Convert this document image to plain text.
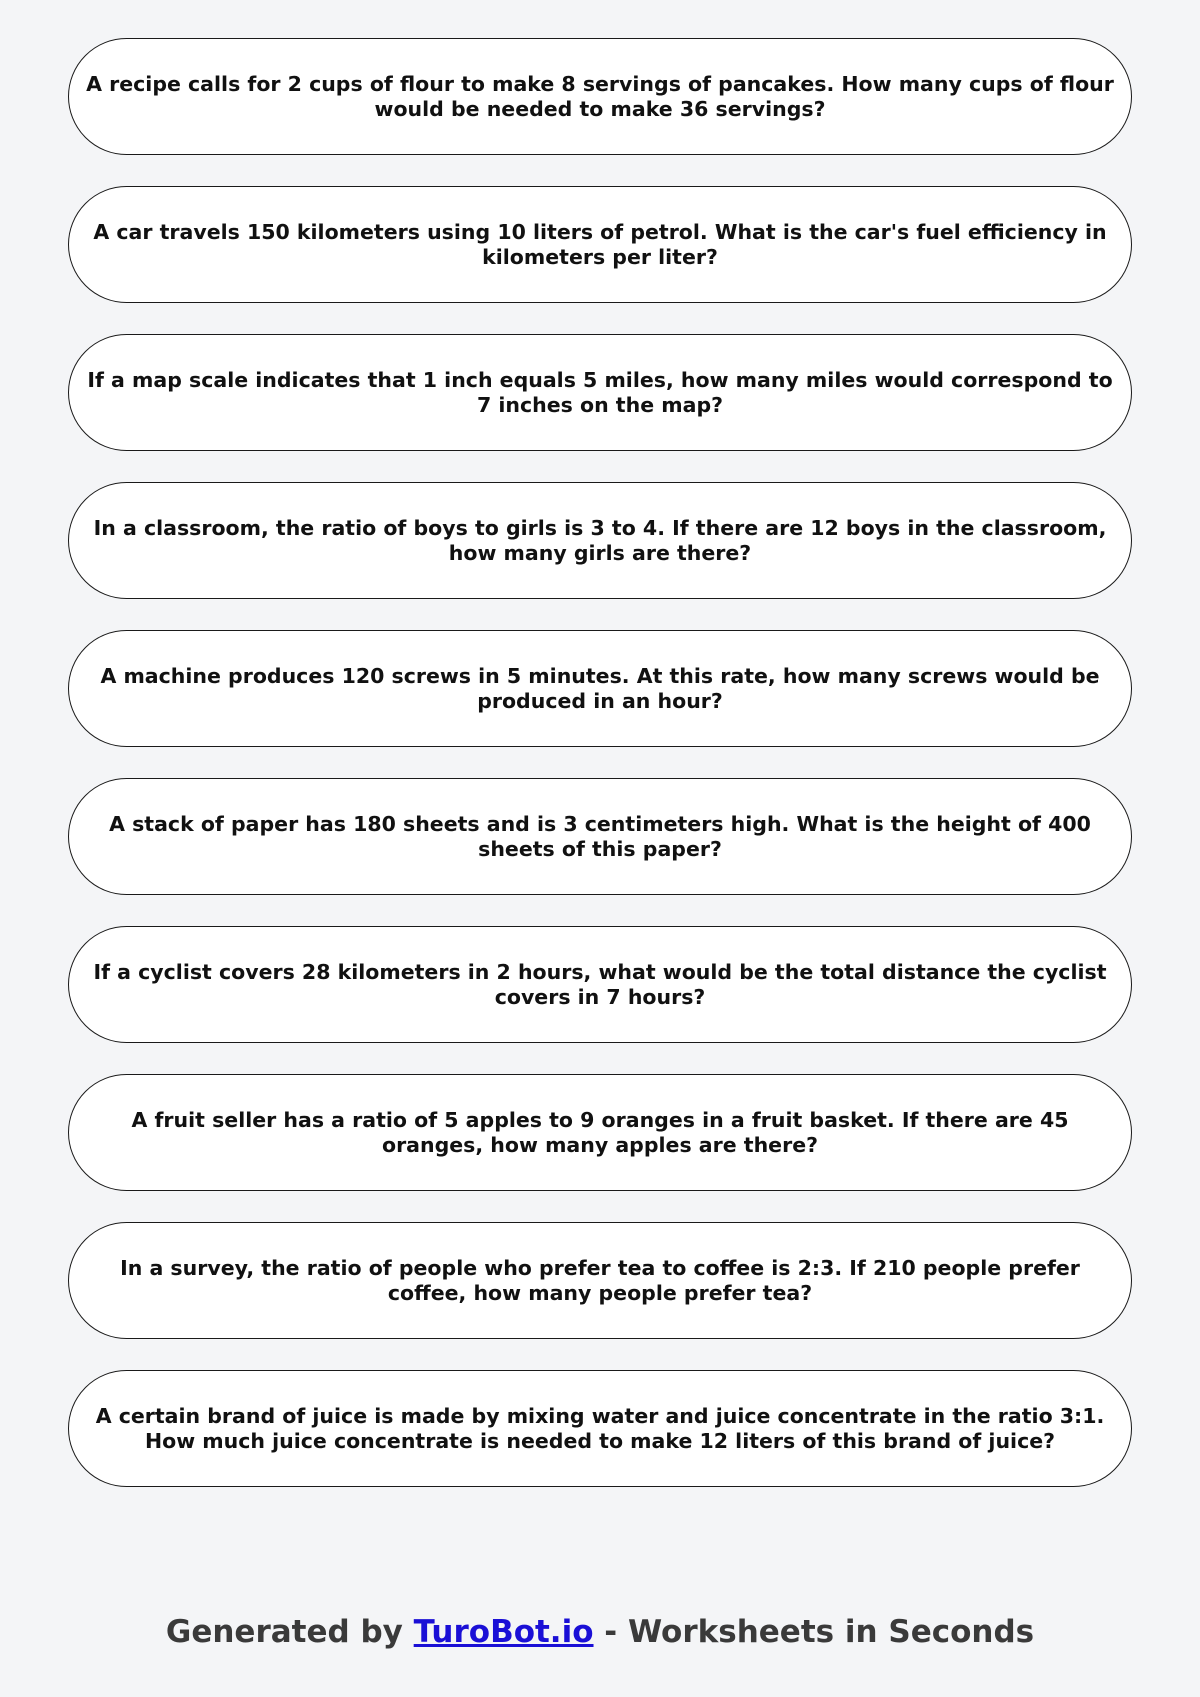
A recipe calls for 2 cups of flour to make 8 servings of pancakes. How many cups of flour would be needed to make 36 servings?
A car travels 150 kilometers using 10 liters of petrol. What is the car's fuel efficiency in kilometers per liter?
If a map scale indicates that 1 inch equals 5 miles, how many miles would correspond to 7 inches on the map?
In a classroom, the ratio of boys to girls is 3 to 4. If there are 12 boys in the classroom, how many girls are there?
A machine produces 120 screws in 5 minutes. At this rate, how many screws would be produced in an hour?
A stack of paper has 180 sheets and is 3 centimeters high. What is the height of 400 sheets of this paper?
If a cyclist covers 28 kilometers in 2 hours, what would be the total distance the cyclist covers in 7 hours?
A fruit seller has a ratio of 5 apples to 9 oranges in a fruit basket. If there are 45 oranges, how many apples are there?
In a survey, the ratio of people who prefer tea to coffee is 2:3. If 210 people prefer coffee, how many people prefer tea?
A certain brand of juice is made by mixing water and juice concentrate in the ratio 3:1. How much juice concentrate is needed to make 12 liters of this brand of juice?
Generated by TuroBot.io - Worksheets in Seconds
